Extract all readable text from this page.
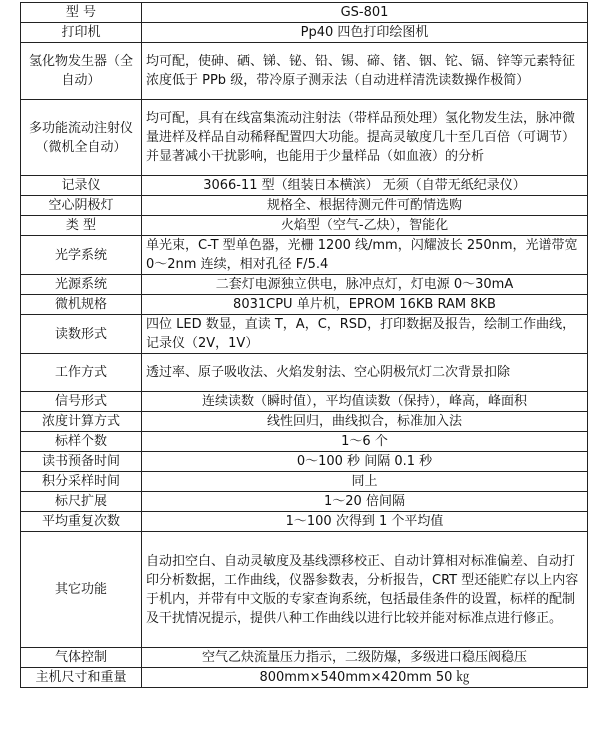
型 号	GS-801
打印机	Pp40 四色打印绘图机
氢化物发生器（全自动）	均可配，使砷、硒、锑、铋、铅、锡、碲、锗、铟、铊、镉、锌等元素特征浓度低于 PPb 级，带冷原子测汞法（自动进样清洗读数操作极简）
多功能流动注射仪（微机全自动）	均可配，具有在线富集流动注射法（带样品预处理）氢化物发生法，脉冲微量进样及样品自动稀释配置四大功能。提高灵敏度几十至几百倍（可调节）并显著减小干扰影响，也能用于少量样品（如血液）的分析
记录仪	3066-11 型（组装日本横滨） 无须（自带无纸纪录仪）
空心阴极灯	规格全、根据待测元件可酌情选购
类 型	火焰型（空气-乙炔），智能化
光学系统	单光束，C-T 型单色器，光栅 1200 线/mm，闪耀波长 250nm，光谱带宽 0～2nm 连续，相对孔径 F/5.4
光源系统	二套灯电源独立供电，脉冲点灯，灯电源 0～30mA
微机规格	8031CPU 单片机，EPROM 16KB RAM 8KB
读数形式	四位 LED 数显，直读 T，A，C，RSD，打印数据及报告，绘制工作曲线，记录仪（2V，1V）
工作方式	透过率、原子吸收法、火焰发射法、空心阴极氘灯二次背景扣除
信号形式	连续读数（瞬时值），平均值读数（保持），峰高，峰面积
浓度计算方式	线性回归，曲线拟合，标准加入法
标样个数	1～6 个
读书预备时间	0～100 秒 间隔 0.1 秒
积分采样时间	同上
标尺扩展	1～20 倍间隔
平均重复次数	1～100 次得到 1 个平均值
其它功能	自动扣空白、自动灵敏度及基线漂移校正、自动计算相对标准偏差、自动打印分析数据，工作曲线，仪器参数表，分析报告，CRT 型还能贮存以上内容于机内，并带有中文版的专家查询系统，包括最佳条件的设置，标样的配制及干扰情况提示，提供八种工作曲线以进行比较并能对标准点进行修正。
气体控制	空气乙炔流量压力指示，二级防爆，多级进口稳压阀稳压
主机尺寸和重量	800mm×540mm×420mm 50 ㎏
